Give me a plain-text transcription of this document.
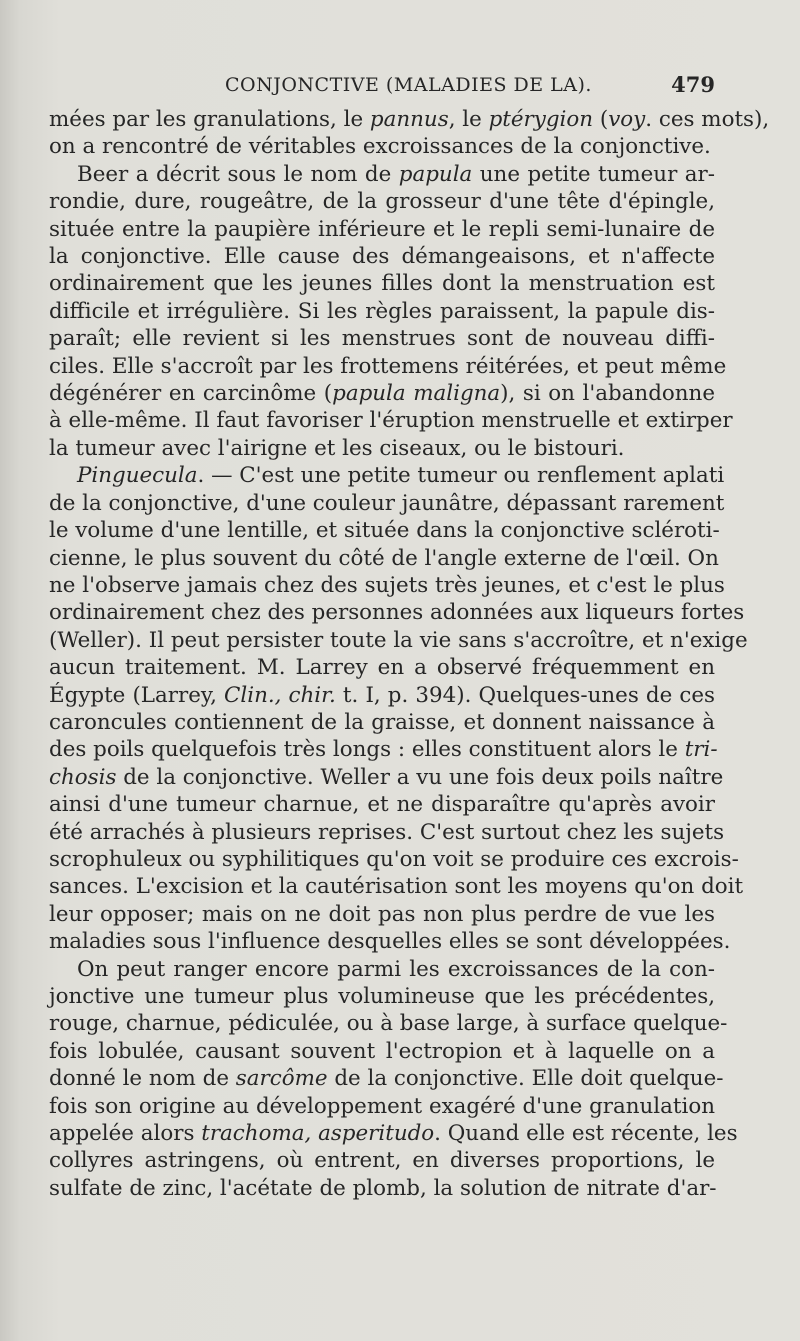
CONJONCTIVE (MALADIES DE LA).	479
mées par les granulations, le pannus, le ptérygion (voy. ces mots),
on a rencontré de véritables excroissances de la conjonctive.
Beer a décrit sous le nom de papula une petite tumeur ar-
rondie, dure, rougeâtre, de la grosseur d'une tête d'épingle,
située entre la paupière inférieure et le repli semi-lunaire de
la conjonctive. Elle cause des démangeaisons, et n'affecte
ordinairement que les jeunes filles dont la menstruation est
difficile et irrégulière. Si les règles paraissent, la papule dis-
paraît; elle revient si les menstrues sont de nouveau diffi-
ciles. Elle s'accroît par les frottemens réitérées, et peut même
dégénérer en carcinôme (papula maligna), si on l'abandonne
à elle-même. Il faut favoriser l'éruption menstruelle et extirper
la tumeur avec l'airigne et les ciseaux, ou le bistouri.
Pinguecula. — C'est une petite tumeur ou renflement aplati
de la conjonctive, d'une couleur jaunâtre, dépassant rarement
le volume d'une lentille, et située dans la conjonctive scléroti-
cienne, le plus souvent du côté de l'angle externe de l'œil. On
ne l'observe jamais chez des sujets très jeunes, et c'est le plus
ordinairement chez des personnes adonnées aux liqueurs fortes
(Weller). Il peut persister toute la vie sans s'accroître, et n'exige
aucun traitement. M. Larrey en a observé fréquemment en
Égypte (Larrey, Clin., chir. t. I, p. 394). Quelques-unes de ces
caroncules contiennent de la graisse, et donnent naissance à
des poils quelquefois très longs : elles constituent alors le tri-
chosis de la conjonctive. Weller a vu une fois deux poils naître
ainsi d'une tumeur charnue, et ne disparaître qu'après avoir
été arrachés à plusieurs reprises. C'est surtout chez les sujets
scrophuleux ou syphilitiques qu'on voit se produire ces excrois-
sances. L'excision et la cautérisation sont les moyens qu'on doit
leur opposer; mais on ne doit pas non plus perdre de vue les
maladies sous l'influence desquelles elles se sont développées.
On peut ranger encore parmi les excroissances de la con-
jonctive une tumeur plus volumineuse que les précédentes,
rouge, charnue, pédiculée, ou à base large, à surface quelque-
fois lobulée, causant souvent l'ectropion et à laquelle on a
donné le nom de sarcôme de la conjonctive. Elle doit quelque-
fois son origine au développement exagéré d'une granulation
appelée alors trachoma, asperitudo. Quand elle est récente, les
collyres astringens, où entrent, en diverses proportions, le
sulfate de zinc, l'acétate de plomb, la solution de nitrate d'ar-
